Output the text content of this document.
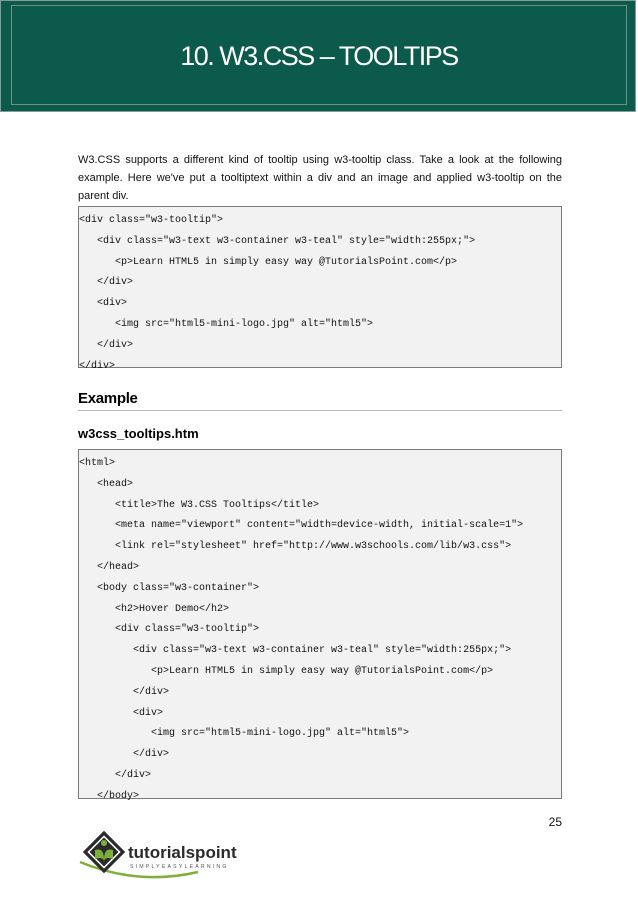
10. W3.CSS – TOOLTIPS
W3.CSS supports a different kind of tooltip using w3-tooltip class. Take a look at the following example. Here we've put a tooltiptext within a div and an image and applied w3-tooltip on the parent div.
<div class="w3-tooltip">
<div class="w3-text w3-container w3-teal" style="width:255px;">
<p>Learn HTML5 in simply easy way @TutorialsPoint.com</p>
</div>
<div>
<img src="html5-mini-logo.jpg" alt="html5">
</div>
</div>
Example
w3css_tooltips.htm
<html>
<head>
<title>The W3.CSS Tooltips</title>
<meta name="viewport" content="width=device-width, initial-scale=1">
<link rel="stylesheet" href="http://www.w3schools.com/lib/w3.css">
</head>
<body class="w3-container">
<h2>Hover Demo</h2>
<div class="w3-tooltip">
<div class="w3-text w3-container w3-teal" style="width:255px;">
<p>Learn HTML5 in simply easy way @TutorialsPoint.com</p>
</div>
<div>
<img src="html5-mini-logo.jpg" alt="html5">
</div>
</div>
</body>
25
tutorialspoint
SIMPLYEASYLEARNING
